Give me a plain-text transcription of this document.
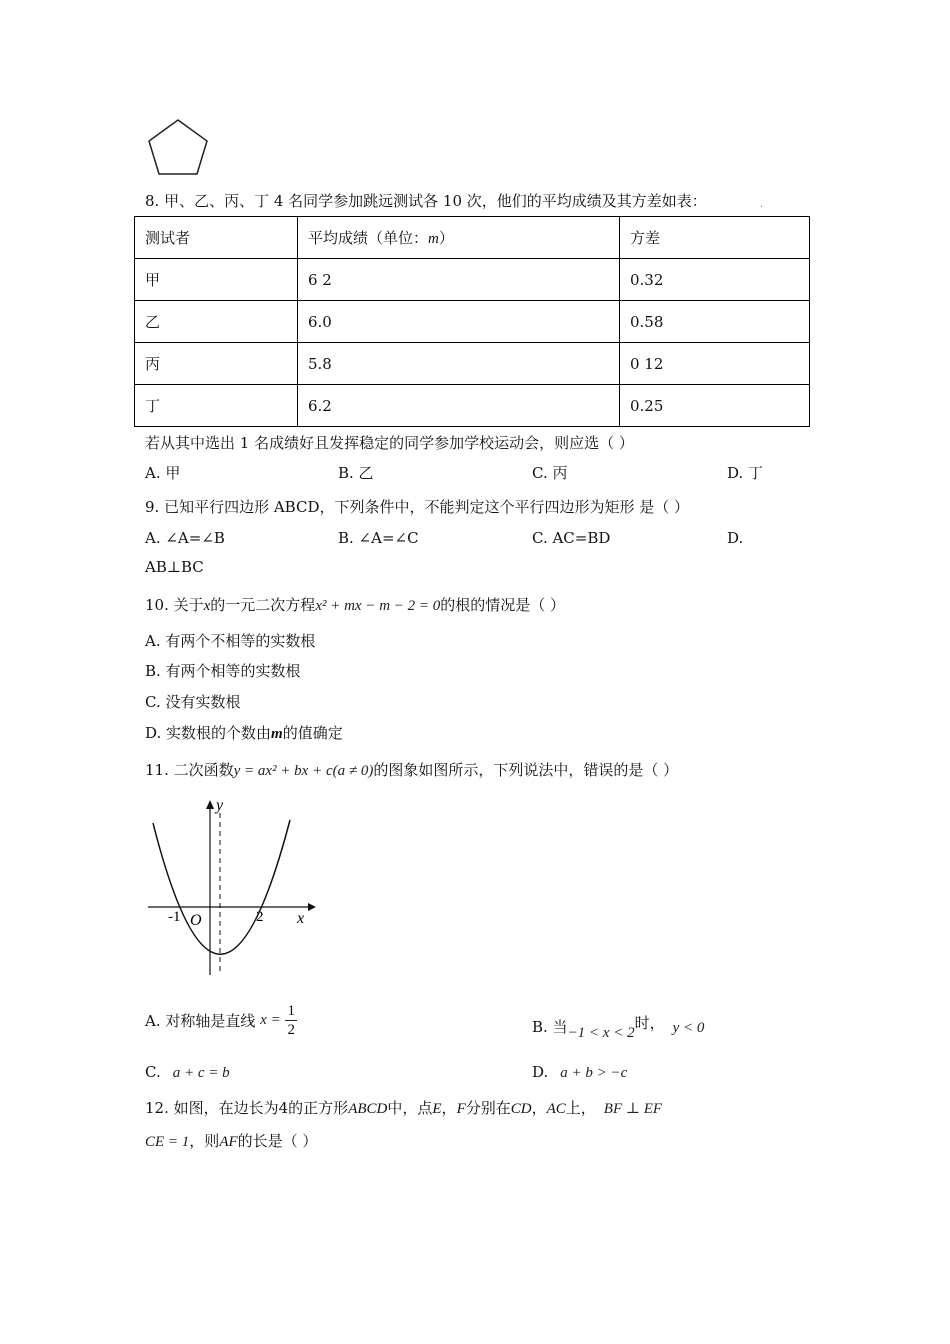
8. 甲、乙、丙、丁 4 名同学参加跳远测试各 10 次，他们的平均成绩及其方差如表：	.
测试者	平均成绩（单位：m）	方差
甲	6 2	0.32
乙	6.0	0.58
丙	5.8	0 12
丁	6.2	0.25
若从其中选出 1 名成绩好且发挥稳定的同学参加学校运动会，则应选（ ）
A. 甲	B. 乙	C. 丙	D. 丁
9. 已知平行四边形 ABCD，下列条件中，不能判定这个平行四边形为矩形 是（ ）
A. ∠A=∠B	B. ∠A=∠C	C. AC=BD	D.
AB⊥BC
10. 关于x的一元二次方程x² + mx − m − 2 = 0的根的情况是（ ）
A. 有两个不相等的实数根
B. 有两个相等的实数根
C. 没有实数根
D. 实数根的个数由m的值确定
11. 二次函数y = ax² + bx + c(a ≠ 0)的图象如图所示，下列说法中，错误的是（ ）
y
x
O
-1	2
A. 对称轴是直线 $x = \frac{1}{2}$	B. 当−1 < x < 2时， y < 0
C. a + c = b	D. a + b > −c
12. 如图，在边长为4的正方形ABCD中，点E，F分别在CD，AC上， BF ⊥ EF
CE = 1，则AF的长是（ ）
